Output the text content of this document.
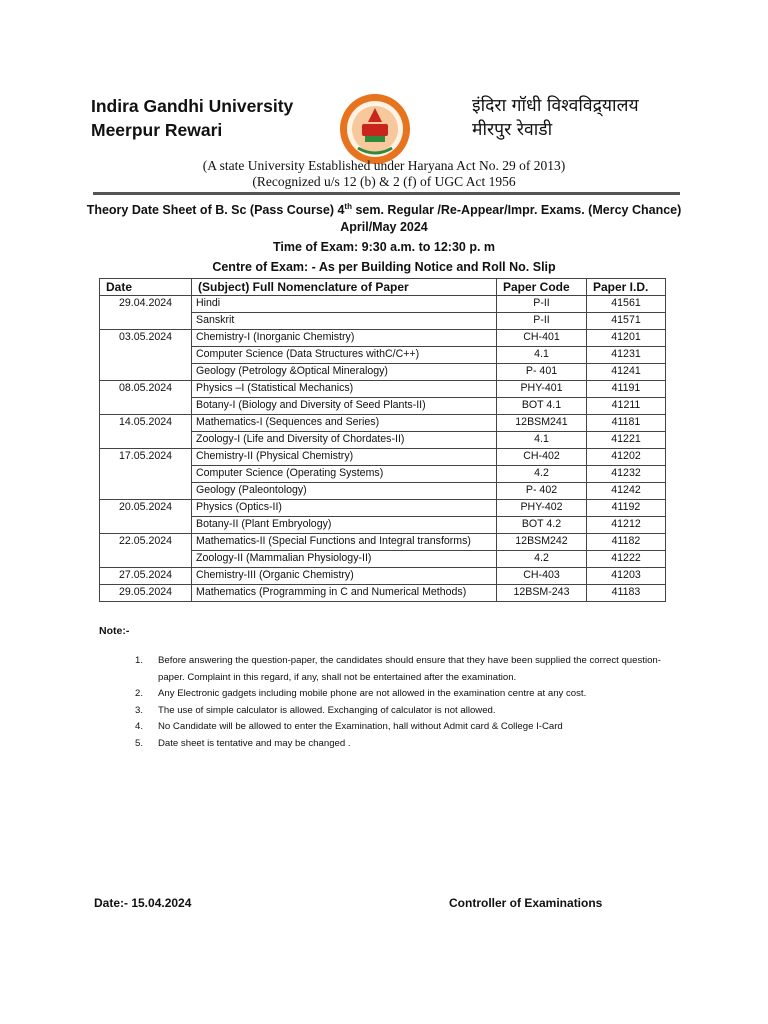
Indira Gandhi University
Meerpur Rewari
इंदिरा गॉधी विश्वविद्र्यालय
मीरपुर रेवाडी
(A state University Established under Haryana Act No. 29 of 2013)
(Recognized u/s 12 (b) & 2 (f) of UGC Act 1956
Theory Date Sheet of B. Sc (Pass Course) 4th sem. Regular /Re-Appear/Impr. Exams. (Mercy Chance)
April/May 2024
Time of Exam: 9:30 a.m. to 12:30 p. m
Centre of Exam: - As per Building Notice and Roll No. Slip
Date	(Subject) Full Nomenclature of Paper	Paper Code	Paper I.D.
29.04.2024	Hindi	P-II	41561
	Sanskrit	P-II	41571
03.05.2024	Chemistry-I (Inorganic Chemistry)	CH-401	41201
	Computer Science (Data Structures withC/C++)	4.1	41231
	Geology (Petrology &Optical Mineralogy)	P- 401	41241
08.05.2024	Physics –I (Statistical Mechanics)	PHY-401	41191
	Botany-I (Biology and Diversity of Seed Plants-II)	BOT 4.1	41211
14.05.2024	Mathematics-I (Sequences and Series)	12BSM241	41181
	Zoology-I (Life and Diversity of Chordates-II)	4.1	41221
17.05.2024	Chemistry-II (Physical Chemistry)	CH-402	41202
	Computer Science (Operating Systems)	4.2	41232
	Geology (Paleontology)	P- 402	41242
20.05.2024	Physics (Optics-II)	PHY-402	41192
	Botany-II (Plant Embryology)	BOT 4.2	41212
22.05.2024	Mathematics-II (Special Functions and Integral transforms)	12BSM242	41182
	Zoology-II (Mammalian Physiology-II)	4.2	41222
27.05.2024	Chemistry-III (Organic Chemistry)	CH-403	41203
29.05.2024	Mathematics (Programming in C and Numerical Methods)	12BSM-243	41183
Note:-
1.	Before answering the question-paper, the candidates should ensure that they have been supplied the correct question-paper. Complaint in this regard, if any, shall not be entertained after the examination.
2.	Any Electronic gadgets including mobile phone are not allowed in the examination centre at any cost.
3.	The use of simple calculator is allowed. Exchanging of calculator is not allowed.
4.	No Candidate will be allowed to enter the Examination, hall without Admit card & College I-Card
5.	Date sheet is tentative and may be changed .
Date:- 15.04.2024	Controller of Examinations
